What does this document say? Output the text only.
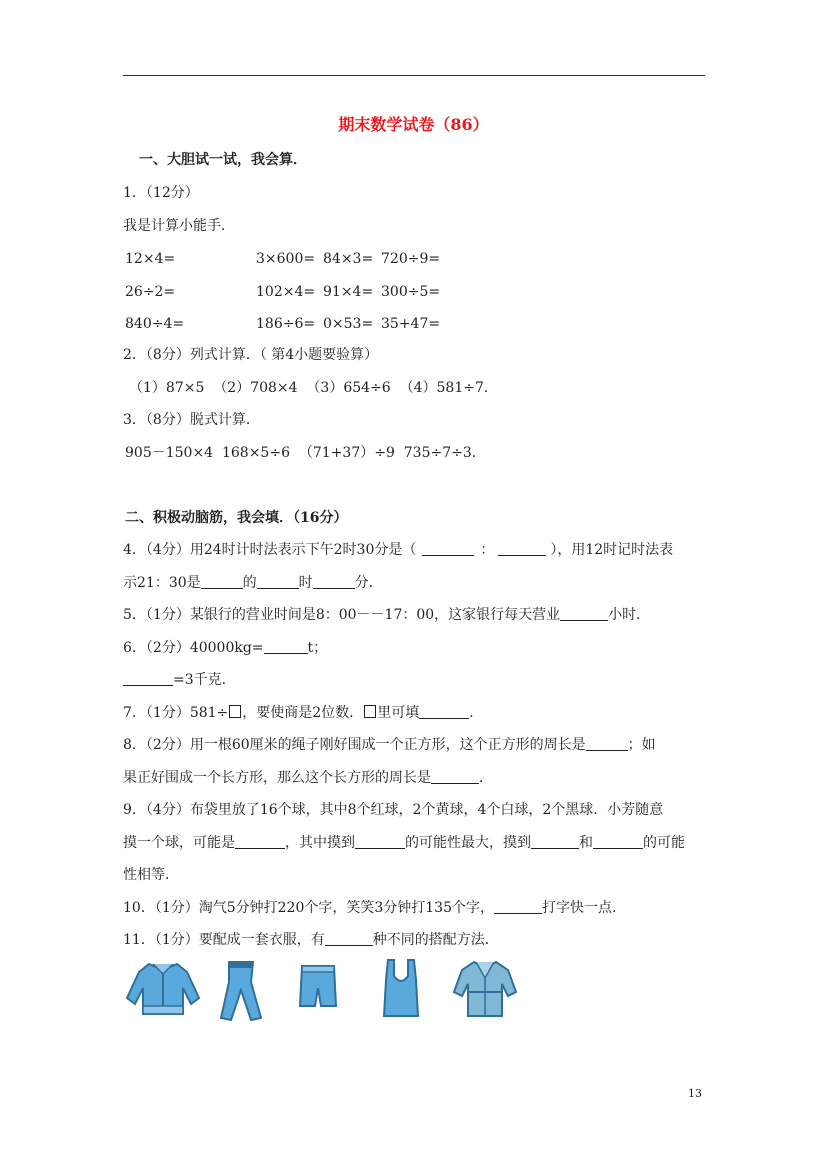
期末数学试卷（86）
一、大胆试一试，我会算．
1．（12分）
我是计算小能手．
12×4=	3×600= 84×3= 720÷9=
26÷2=	102×4= 91×4= 300÷5=
840÷4=	186÷6= 0×53= 35+47=
2．（8分）列式计算．（ 第4小题要验算）
（1）87×5  （2）708×4  （3）654÷6  （4）581÷7．
3．（8分）脱式计算．
905－150×4  168×5÷6  （71+37）÷9  735÷7÷3．
二、积极动脑筋，我会填．（16分）
4．（4分）用24时计时法表示下午2时30分是（	：	），用12时记时法表
示21：30是	的	时	分．
5．（1分）某银行的营业时间是8：00－－17：00，这家银行每天营业	小时．
6．（2分）40000kg=	t；
=3千克．
7．（1分）581÷ ，要使商是2位数． 里可填	．
8．（2分）用一根60厘米的绳子刚好围成一个正方形，这个正方形的周长是	；如
果正好围成一个长方形，那么这个长方形的周长是	．
9．（4分）布袋里放了16个球，其中8个红球，2个黄球，4个白球，2个黑球．小芳随意
摸一个球，可能是	，其中摸到	的可能性最大，摸到	和	的可能
性相等．
10．（1分）淘气5分钟打220个字，笑笑3分钟打135个字，	打字快一点．
11．（1分）要配成一套衣服，有	种不同的搭配方法．
13
